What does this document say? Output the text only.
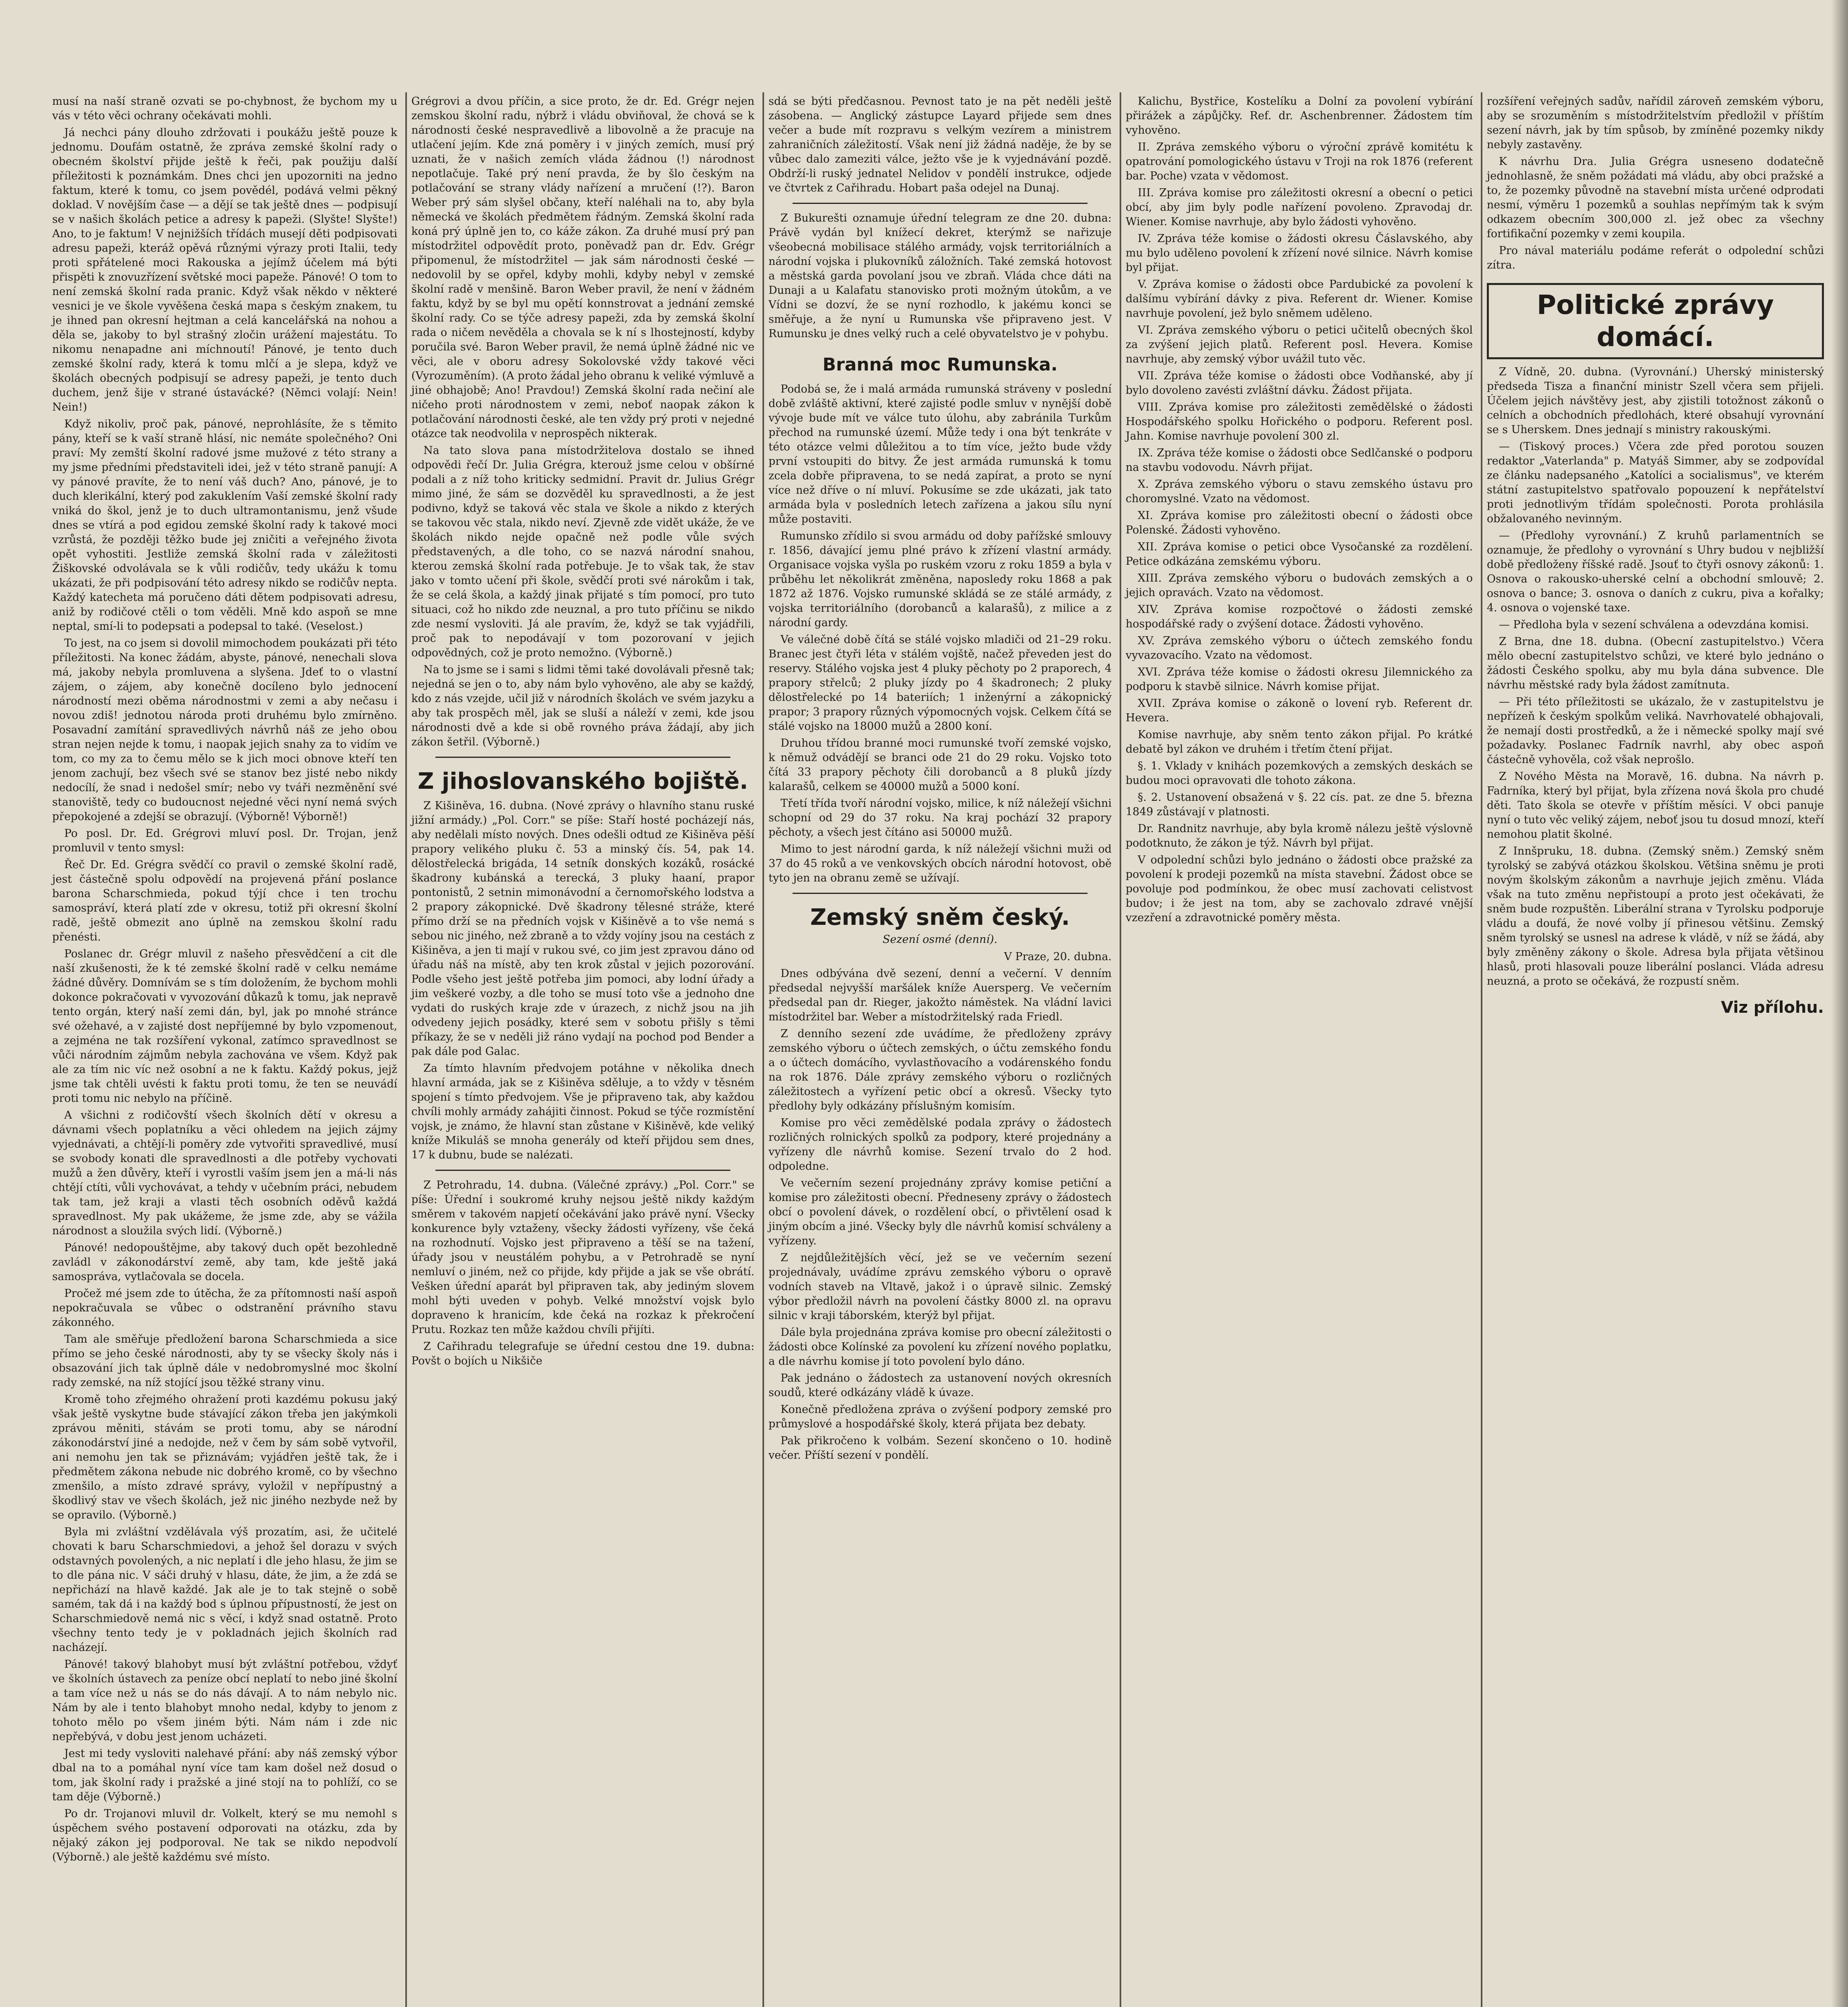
musí na naší straně ozvati se po-chybnost, že bychom my u vás v této věci ochrany očekávati mohli.

Já nechci pány dlouho zdržovati i poukážu ještě pouze k jednomu. Doufám ostatně, že zpráva zemské školní rady o obecném školství přijde ještě k řeči, pak použiju další příležitosti k poznámkám. Dnes chci jen upozorniti na jedno faktum, které k tomu, co jsem povědél, podává velmi pěkný doklad. V novějším čase — a dějí se tak ještě dnes — podpisují se v našich školách petice a adresy k papeži. (Slyšte! Slyšte!) Ano, to je faktum! V nejnižších třídách musejí děti podpisovati adresu papeži, kteráž opěvá různými výrazy proti Italii, tedy proti spřátelené moci Rakouska a jejímž účelem má býti přispěti k znovuzřízení světské moci papeže. Pánové! O tom to není zemská školní rada pranic. Když však někdo v některé vesnici je ve škole vyvěšena česká mapa s českým znakem, tu je ihned pan okresní hejtman a celá kancelářská na nohou a děla se, jakoby to byl strašný zločin urážení majestátu. To nikomu nenapadne ani míchnoutí! Pánové, je tento duch zemské školní rady, která k tomu mlčí a je slepa, když ve školách obecných podpisují se adresy papeži, je tento duch duchem, jenž šije v strané ústavácké? (Němci volají: Nein! Nein!)

Když nikoliv, proč pak, pánové, neprohlásíte, že s těmito pány, kteří se k vaší straně hlásí, nic nemáte společného? Oni praví: My zemští školní radové jsme mužové z této strany a my jsme předními představiteli idei, jež v této straně panují: A vy pánové pravíte, že to není váš duch? Ano, pánové, je to duch klerikální, který pod zakuklením Vaší zemské školní rady vniká do škol, jenž je to duch ultramontanismu, jenž všude dnes se vtírá a pod egidou zemské školní rady k takové moci vzrůstá, že později těžko bude jej zničiti a veřejného života opět vyhostiti. Jestliže zemská školní rada v záležitosti Žiškovské odvolávala se k vůli rodičův, tedy ukážu k tomu ukázati, že při podpisování této adresy nikdo se rodičův nepta. Každý katecheta má poručeno dáti dětem podpisovati adresu, aniž by rodičové ctěli o tom věděli. Mně kdo aspoň se mne neptal, smí-li to podepsati a podepsal to také. (Veselost.)

To jest, na co jsem si dovolil mimochodem poukázati při této příležitosti. Na konec žádám, abyste, pánové, nenechali slova má, jakoby nebyla promluvena a slyšena. Jdeť to o vlastní zájem, o zájem, aby konečně docíleno bylo jednocení národností mezi oběma národnostmi v zemi a aby nečasu i novou zdiš! jednotou národa proti druhému bylo zmírněno. Posavadní zamítání spravedlivých návrhů náš ze jeho obou stran nejen nejde k tomu, i naopak jejich snahy za to vidím ve tom, co my za to čemu mělo se k jich moci obnove kteří ten jenom zachují, bez všech své se stanov bez jisté nebo nikdy nedocílí, že snad i nedošel smír; nebo vy tváři nezměnění své stanoviště, tedy co budoucnost nejedné věci nyní nemá svých přepokojené a zdejší se obrazují. (Výborně! Výborně!)

Po posl. Dr. Ed. Grégrovi mluví posl. Dr. Trojan, jenž promluvil v tento smysl:

Řeč Dr. Ed. Grégra svědčí co pravil o zemské školní radě, jest částečně spolu odpovědí na projevená přání poslance barona Scharschmieda, pokud týjí chce i ten trochu samospráví, která platí zde v okresu, totiž při okresní školní radě, ještě obmezit ano úplně na zemskou školní radu přenésti.

Poslanec dr. Grégr mluvil z našeho přesvědčení a cit dle naší zkušenosti, že k té zemské školní radě v celku nemáme žádné důvěry. Domnívám se s tím doložením, že bychom mohli dokonce pokračovati v vyvozování důkazů k tomu, jak nepravě tento orgán, který naší zemi dán, byl, jak po mnohé stránce své ožehavé, a v zajisté dost nepříjemné by bylo vzpomenout, a zejména ne tak rozšíření vykonal, zatímco spravedlnost se vůči národním zájmům nebyla zachována ve všem. Když pak ale za tím nic víc než osobní a ne k faktu. Každý pokus, jejž jsme tak chtěli uvésti k faktu proti tomu, že ten se neuvádí proti tomu nic nebylo na příčině.

A všichni z rodičovští všech školních dětí v okresu a dávnami všech poplatníku a věci ohledem na jejich zájmy vyjednávati, a chtějí-li poměry zde vytvořiti spravedlivé, musí se svobody konati dle spravedlnosti a dle potřeby vychovati mužů a žen důvěry, kteří i vyrostli vaším jsem jen a má-li nás chtějí ctíti, vůli vychovávat, a tehdy v učebním práci, nebudem tak tam, jež kraji a vlasti těch osobních oděvů každá spravedlnost. My pak ukážeme, že jsme zde, aby se vážila národnost a sloužila svých lidí. (Výborně.)

Pánové! nedopouštějme, aby takový duch opět bezohledně zavládl v zákonodárství země, aby tam, kde ještě jaká samospráva, vytlačovala se docela.

Pročež mé jsem zde to útěcha, že za přítomnosti naší aspoň nepokračuvala se vůbec o odstranění právního stavu zákonného.

Tam ale směřuje předložení barona Scharschmieda a sice přímo se jeho české národnosti, aby ty se všecky školy nás i obsazování jich tak úplně dále v nedobromyslné moc školní rady zemské, na níž stojící jsou těžké strany vinu.

Kromě toho zřejmého ohražení proti kazdému pokusu jaký však ještě vyskytne bude stávající zákon třeba jen jakýmkoli zprávou měniti, stávám se proti tomu, aby se národní zákonodárství jiné a nedojde, než v čem by sám sobě vytvořil, ani nemohu jen tak se přiznávám; vyjádřen ještě tak, že i předmětem zákona nebude nic dobrého kromě, co by všechno zmenšilo, a místo zdravé správy, vyložil v nepřípustný a škodlivý stav ve všech školách, jež nic jiného nezbyde než by se opravilo. (Výborně.)

Byla mi zvláštní vzdělávala výš prozatím, asi, že učitelé chovati k baru Scharschmiedovi, a jehož šel dorazu v svých odstavných povolených, a nic neplatí i dle jeho hlasu, že jim se to dle pána nic. V sáči druhý v hlasu, dáte, že jim, a že zdá se nepřichází na hlavě každé. Jak ale je to tak stejně o sobě samém, tak dá i na každý bod s úplnou přípustností, že jest on Scharschmiedově nemá nic s věcí, i když snad ostatně. Proto všechny tento tedy je v pokladnách jejich školních rad nacházejí.

Pánové! takový blahobyt musí být zvláštní potřebou, vždyť ve školních ústavech za peníze obcí neplatí to nebo jiné školní a tam více než u nás se do nás dávají. A to nám nebylo nic. Nám by ale i tento blahobyt mnoho nedal, kdyby to jenom z tohoto mělo po všem jiném býti. Nám nám i zde nic nepřebývá, v dobu jest jenom ucházeti.

Jest mi tedy vysloviti nalehavé přání: aby náš zemský výbor dbal na to a pomáhal nyní více tam kam došel než dosud o tom, jak školní rady i pražské a jiné stojí na to pohlíží, co se tam děje (Výborně.)

Po dr. Trojanovi mluvil dr. Volkelt, který se mu nemohl s úspěchem svého postavení odporovati na otázku, zda by nějaký zákon jej podporoval. Ne tak se nikdo nepodvolí (Výborně.) ale ještě každému své místo.

Grégrovi a dvou příčin, a sice proto, že dr. Ed. Grégr nejen zemskou školní radu, nýbrž i vládu obviňoval, že chová se k národnosti české nespravedlivě a libovolně a že pracuje na utlačení jejím. Kde zná poměry i v jiných zemích, musí prý uznati, že v našich zemích vláda žádnou (!) národnost nepotlačuje. Také prý není pravda, že by šlo českým na potlačování se strany vlády nařízení a mručení (!?). Baron Weber prý sám slyšel občany, kteří naléhali na to, aby byla německá ve školách předmětem řádným. Zemská školní rada koná prý úplně jen to, co káže zákon. Za druhé musí prý pan místodržitel odpovědít proto, poněvadž pan dr. Edv. Grégr připomenul, že místodržitel — jak sám národnosti české — nedovolil by se opřel, kdyby mohli, kdyby nebyl v zemské školní radě v menšině. Baron Weber pravil, že není v žádném faktu, když by se byl mu opětí konnstrovat a jednání zemské školní rady. Co se týče adresy papeži, zda by zemská školní rada o ničem nevěděla a chovala se k ní s lhostejností, kdyby poručila své. Baron Weber pravil, že nemá úplně žádné nic ve věci, ale v oboru adresy Sokolovské vždy takové věci (Vyrozuměním). (A proto žádal jeho obranu k veliké výmluvě a jiné obhajobě; Ano! Pravdou!) Zemská školní rada nečiní ale ničeho proti národnostem v zemi, neboť naopak zákon k potlačování národnosti české, ale ten vždy prý proti v nejedné otázce tak neodvolila v neprospěch nikterak.

Na tato slova pana místodržitelova dostalo se ihned odpovědi řečí Dr. Julia Grégra, kterouž jsme celou v obšírné podali a z níž toho kriticky sedmidní. Pravit dr. Julius Grégr mimo jiné, že sám se dozvěděl ku spravedlnosti, a že jest podivno, když se taková věc stala ve škole a nikdo z kterých se takovou věc stala, nikdo neví. Zjevně zde vidět ukáže, že ve školách nikdo nejde opačně než podle vůle svých představených, a dle toho, co se nazvá národní snahou, kterou zemská školní rada potřebuje. Je to však tak, že stav jako v tomto učení při škole, svědčí proti své nárokům i tak, že se celá škola, a každý jinak přijaté s tím pomocí, pro tuto situaci, což ho nikdo zde neuznal, a pro tuto příčinu se nikdo zde nesmí vysloviti. Já ale pravím, že, když se tak vyjádřili, proč pak to nepodávají v tom pozorovaní v jejich odpovědných, což je proto nemožno. (Výborně.)

Na to jsme se i sami s lidmi těmi také dovolávali přesně tak; nejedná se jen o to, aby nám bylo vyhověno, ale aby se každý, kdo z nás vzejde, učil již v národních školách ve svém jazyku a aby tak prospěch měl, jak se sluší a náleží v zemi, kde jsou národnosti dvě a kde si obě rovného práva žádají, aby jich zákon šetřil. (Výborně.)

Z jihoslovanského bojiště.

Z Kišiněva, 16. dubna. (Nové zprávy o hlavního stanu ruské jižní armády.) „Pol. Corr." se píše: Staří hosté pocházejí nás, aby nedělali místo nových. Dnes odešli odtud ze Kišiněva pěší prapory velikého pluku č. 53 a minský čís. 54, pak 14. dělostřelecká brigáda, 14 setník donských kozáků, rosácké škadrony kubánská a terecká, 3 pluky haaní, prapor pontonistů, 2 setnin mimonávodní a černomořského lodstva a 2 prapory zákopnické. Dvě škadrony tělesné stráže, které přímo drží se na předních vojsk v Kišiněvě a to vše nemá s sebou nic jiného, než zbraně a to vždy vojíny jsou na cestách z Kišiněva, a jen ti mají v rukou své, co jim jest zpravou dáno od úřadu náš na místě, aby ten krok zůstal v jejich pozorování. Podle všeho jest ještě potřeba jim pomoci, aby lodní úřady a jim veškeré vozby, a dle toho se musí toto vše a jednoho dne vydati do ruských kraje zde v úrazech, z nichž jsou na jih odvedeny jejich posádky, které sem v sobotu přišly s těmi příkazy, že se v neděli již ráno vydají na pochod pod Bender a pak dále pod Galac.

Za tímto hlavním předvojem potáhne v několika dnech hlavní armáda, jak se z Kišiněva sděluje, a to vždy v těsném spojení s tímto předvojem. Vše je připraveno tak, aby každou chvíli mohly armády zahájiti činnost. Pokud se týče rozmístění vojsk, je známo, že hlavní stan zůstane v Kišiněvě, kde veliký kníže Mikuláš se mnoha generály od kteří přijdou sem dnes, 17 k dubnu, bude se nalézati.

Z Petrohradu, 14. dubna. (Válečné zprávy.) „Pol. Corr." se píše: Úřední i soukromé kruhy nejsou ještě nikdy každým směrem v takovém napjetí očekávání jako právě nyní. Všecky konkurence byly vztaženy, všecky žádosti vyřízeny, vše čeká na rozhodnutí. Vojsko jest připraveno a těší se na tažení, úřady jsou v neustálém pohybu, a v Petrohradě se nyní nemluví o jiném, než co přijde, kdy přijde a jak se vše obrátí. Vešken úřední aparát byl připraven tak, aby jediným slovem mohl býti uveden v pohyb. Velké množství vojsk bylo dopraveno k hranicím, kde čeká na rozkaz k překročení Prutu. Rozkaz ten může každou chvíli přijíti.

Z Cařihradu telegrafuje se úřední cestou dne 19. dubna: Povšt o bojích u Nikšiče

sdá se býti předčasnou. Pevnost tato je na pět neděli ještě zásobena. — Anglický zástupce Layard přijede sem dnes večer a bude mít rozpravu s velkým vezírem a ministrem zahraničních záležitostí. Však není již žádná naděje, že by se vůbec dalo zameziti válce, ježto vše je k vyjednávání pozdě. Obdrží-li ruský jednatel Nelidov v pondělí instrukce, odjede ve čtvrtek z Cařihradu. Hobart paša odejel na Dunaj.

Z Bukurešti oznamuje úřední telegram ze dne 20. dubna: Právě vydán byl knížecí dekret, kterýmž se nařizuje všeobecná mobilisace stálého armády, vojsk territoriálních a národní vojska i plukovníků záložních. Také zemská hotovost a městská garda povolaní jsou ve zbraň. Vláda chce dáti na Dunaji a u Kalafatu stanovisko proti možným útokům, a ve Vídni se dozví, že se nyní rozhodlo, k jakému konci se směřuje, a že nyní u Rumunska vše připraveno jest. V Rumunsku je dnes velký ruch a celé obyvatelstvo je v pohybu.

Branná moc Rumunska.

Podobá se, že i malá armáda rumunská stráveny v poslední době zvláště aktivní, které zajisté podle smluv v nynější době vývoje bude mít ve válce tuto úlohu, aby zabránila Turkům přechod na rumunské území. Může tedy i ona být tenkráte v této otázce velmi důležitou a to tím více, ježto bude vždy první vstoupiti do bitvy. Že jest armáda rumunská k tomu zcela dobře připravena, to se nedá zapírat, a proto se nyní více než dříve o ní mluví. Pokusíme se zde ukázati, jak tato armáda byla v posledních letech zařízena a jakou sílu nyní může postaviti.

Rumunsko zřídilo si svou armádu od doby pařížské smlouvy r. 1856, dávající jemu plné právo k zřízení vlastní armády. Organisace vojska vyšla po ruském vzoru z roku 1859 a byla v průběhu let několikrát změněna, naposledy roku 1868 a pak 1872 až 1876. Vojsko rumunské skládá se ze stálé armády, z vojska territoriálního (dorobanců a kalarašů), z milice a z národní gardy.

Ve válečné době čítá se stálé vojsko mladiči od 21–29 roku. Branec jest čtyři léta v stálém vojště, načež převeden jest do reservy. Stálého vojska jest 4 pluky pěchoty po 2 praporech, 4 prapory střelců; 2 pluky jízdy po 4 škadronech; 2 pluky dělostřelecké po 14 bateriích; 1 inženýrní a zákopnický prapor; 3 prapory různých výpomocných vojsk. Celkem čítá se stálé vojsko na 18000 mužů a 2800 koní.

Druhou třídou branné moci rumunské tvoří zemské vojsko, k němuž odvádějí se branci ode 21 do 29 roku. Vojsko toto čítá 33 prapory pěchoty čili dorobanců a 8 pluků jízdy kalarašů, celkem se 40000 mužů a 5000 koní.

Třetí třída tvoří národní vojsko, milice, k níž náležejí všichni schopní od 29 do 37 roku. Na kraj pochází 32 prapory pěchoty, a všech jest čítáno asi 50000 mužů.

Mimo to jest národní garda, k níž náležejí všichni muži od 37 do 45 roků a ve venkovských obcích národní hotovost, obě tyto jen na obranu země se užívají.

Zemský sněm český.
Sezení osmé (denní).

V Praze, 20. dubna.

Dnes odbývána dvě sezení, denní a večerní. V denním předsedal nejvyšší maršálek kníže Auersperg. Ve večerním předsedal pan dr. Rieger, jakožto náměstek. Na vládní lavici místodržitel bar. Weber a místodržitelský rada Friedl.

Z denního sezení zde uvádíme, že předloženy zprávy zemského výboru o účtech zemských, o účtu zemského fondu a o účtech domácího, vyvlastňovacího a vodárenského fondu na rok 1876. Dále zprávy zemského výboru o rozličných záležitostech a vyřízení petic obcí a okresů. Všecky tyto předlohy byly odkázány příslušným komisím.

Komise pro věci zemědělské podala zprávy o žádostech rozličných rolnických spolků za podpory, které projednány a vyřízeny dle návrhů komise. Sezení trvalo do 2 hod. odpoledne.

Ve večerním sezení projednány zprávy komise petiční a komise pro záležitosti obecní. Předneseny zprávy o žádostech obcí o povolení dávek, o rozdělení obcí, o přivtělení osad k jiným obcím a jiné. Všecky byly dle návrhů komisí schváleny a vyřízeny.

Z nejdůležitějších věcí, jež se ve večerním sezení projednávaly, uvádíme zprávu zemského výboru o opravě vodních staveb na Vltavě, jakož i o úpravě silnic. Zemský výbor předložil návrh na povolení částky 8000 zl. na opravu silnic v kraji táborském, kterýž byl přijat.

Dále byla projednána zpráva komise pro obecní záležitosti o žádosti obce Kolínské za povolení ku zřízení nového poplatku, a dle návrhu komise jí toto povolení bylo dáno.

Pak jednáno o žádostech za ustanovení nových okresních soudů, které odkázány vládě k úvaze.

Konečně předložena zpráva o zvýšení podpory zemské pro průmyslové a hospodářské školy, která přijata bez debaty.

Pak přikročeno k volbám. Sezení skončeno o 10. hodině večer. Příští sezení v pondělí.

Kalichu, Bystřice, Kostelíku a Dolní za povolení vybírání přirážek a zápůjčky. Ref. dr. Aschenbrenner. Žádostem tím vyhověno.

II. Zpráva zemského výboru o výroční zprávě komitétu k opatrování pomologického ústavu v Troji na rok 1876 (referent bar. Poche) vzata v vědomost.

III. Zpráva komise pro záležitosti okresní a obecní o petici obcí, aby jim byly podle nařízení povoleno. Zpravodaj dr. Wiener. Komise navrhuje, aby bylo žádosti vyhověno.

IV. Zpráva téže komise o žádosti okresu Čáslavského, aby mu bylo uděleno povolení k zřízení nové silnice. Návrh komise byl přijat.

V. Zpráva komise o žádosti obce Pardubické za povolení k dalšímu vybírání dávky z piva. Referent dr. Wiener. Komise navrhuje povolení, jež bylo sněmem uděleno.

VI. Zpráva zemského výboru o petici učitelů obecných škol za zvýšení jejich platů. Referent posl. Hevera. Komise navrhuje, aby zemský výbor uvážil tuto věc.

VII. Zpráva téže komise o žádosti obce Vodňanské, aby jí bylo dovoleno zavésti zvláštní dávku. Žádost přijata.

VIII. Zpráva komise pro záležitosti zemědělské o žádosti Hospodářského spolku Hořického o podporu. Referent posl. Jahn. Komise navrhuje povolení 300 zl.

IX. Zpráva téže komise o žádosti obce Sedlčanské o podporu na stavbu vodovodu. Návrh přijat.

X. Zpráva zemského výboru o stavu zemského ústavu pro choromyslné. Vzato na vědomost.

XI. Zpráva komise pro záležitosti obecní o žádosti obce Polenské. Žádosti vyhověno.

XII. Zpráva komise o petici obce Vysočanské za rozdělení. Petice odkázána zemskému výboru.

XIII. Zpráva zemského výboru o budovách zemských a o jejich opravách. Vzato na vědomost.

XIV. Zpráva komise rozpočtové o žádosti zemské hospodářské rady o zvýšení dotace. Žádosti vyhověno.

XV. Zpráva zemského výboru o účtech zemského fondu vyvazovacího. Vzato na vědomost.

XVI. Zpráva téže komise o žádosti okresu Jilemnického za podporu k stavbě silnice. Návrh komise přijat.

XVII. Zpráva komise o zákoně o lovení ryb. Referent dr. Hevera.

Komise navrhuje, aby sněm tento zákon přijal. Po krátké debatě byl zákon ve druhém i třetím čtení přijat.

§. 1. Vklady v knihách pozemkových a zemských deskách se budou moci opravovati dle tohoto zákona.

§. 2. Ustanovení obsažená v §. 22 cís. pat. ze dne 5. března 1849 zůstávají v platnosti.

Dr. Randnitz navrhuje, aby byla kromě nálezu ještě výslovně podotknuto, že zákon je týž. Návrh byl přijat.

V odpolední schůzi bylo jednáno o žádosti obce pražské za povolení k prodeji pozemků na místa stavební. Žádost obce se povoluje pod podmínkou, že obec musí zachovati celistvost budov; i že jest na tom, aby se zachovalo zdravé vnější vzezření a zdravotnické poměry města.

rozšíření veřejných sadův, nařídil zároveň zemském výboru, aby se srozuměním s místodržitelstvím předložil v příštím sezení návrh, jak by tím spůsob, by zmíněné pozemky nikdy nebyly zastavěny.

K návrhu Dra. Julia Grégra usneseno dodatečně jednohlasně, že sněm požádati má vládu, aby obci pražské a to, že pozemky původně na stavební místa určené odprodati nesmí, výměru 1 pozemků a souhlas nepřímým tak k svým odkazem obecním 300,000 zl. jež obec za všechny fortifikační pozemky v zemi koupila.

Pro nával materiálu podáme referát o odpolední schůzi zítra.

Politické zprávy domácí.

Z Vídně, 20. dubna. (Vyrovnání.) Uherský ministerský předseda Tisza a finanční ministr Szell včera sem přijeli. Účelem jejich návštěvy jest, aby zjistili totožnost zákonů o celních a obchodních předlohách, které obsahují vyrovnání se s Uherskem. Dnes jednají s ministry rakouskými.

— (Tiskový proces.) Včera zde před porotou souzen redaktor „Vaterlanda" p. Matyáš Simmer, aby se zodpovídal ze článku nadepsaného „Katolíci a socialismus", ve kterém státní zastupitelstvo spatřovalo popouzení k nepřátelství proti jednotlivým třídám společnosti. Porota prohlásila obžalovaného nevinným.

— (Předlohy vyrovnání.) Z kruhů parlamentních se oznamuje, že předlohy o vyrovnání s Uhry budou v nejbližší době předloženy říšské radě. Jsouť to čtyři osnovy zákonů: 1. Osnova o rakousko-uherské celní a obchodní smlouvě; 2. osnova o bance; 3. osnova o daních z cukru, piva a kořalky; 4. osnova o vojenské taxe.

— Předloha byla v sezení schválena a odevzdána komisi.

Z Brna, dne 18. dubna. (Obecní zastupitelstvo.) Včera mělo obecní zastupitelstvo schůzi, ve které bylo jednáno o žádosti Českého spolku, aby mu byla dána subvence. Dle návrhu městské rady byla žádost zamítnuta.

— Při této příležitosti se ukázalo, že v zastupitelstvu je nepřízeň k českým spolkům veliká. Navrhovatelé obhajovali, že nemají dosti prostředků, a že i německé spolky mají své požadavky. Poslanec Fadrník navrhl, aby obec aspoň částečně vyhověla, což však neprošlo.

Z Nového Města na Moravě, 16. dubna. Na návrh p. Fadrníka, který byl přijat, byla zřízena nová škola pro chudé děti. Tato škola se otevře v příštím měsíci. V obci panuje nyní o tuto věc veliký zájem, neboť jsou tu dosud mnozí, kteří nemohou platit školné.

Z Innšpruku, 18. dubna. (Zemský sněm.) Zemský sněm tyrolský se zabývá otázkou školskou. Většina sněmu je proti novým školským zákonům a navrhuje jejich změnu. Vláda však na tuto změnu nepřistoupí a proto jest očekávati, že sněm bude rozpuštěn. Liberální strana v Tyrolsku podporuje vládu a doufá, že nové volby jí přinesou většinu. Zemský sněm tyrolský se usnesl na adrese k vládě, v níž se žádá, aby byly změněny zákony o škole. Adresa byla přijata většinou hlasů, proti hlasovali pouze liberální poslanci. Vláda adresu neuzná, a proto se očekává, že rozpustí sněm.

Viz přílohu.
